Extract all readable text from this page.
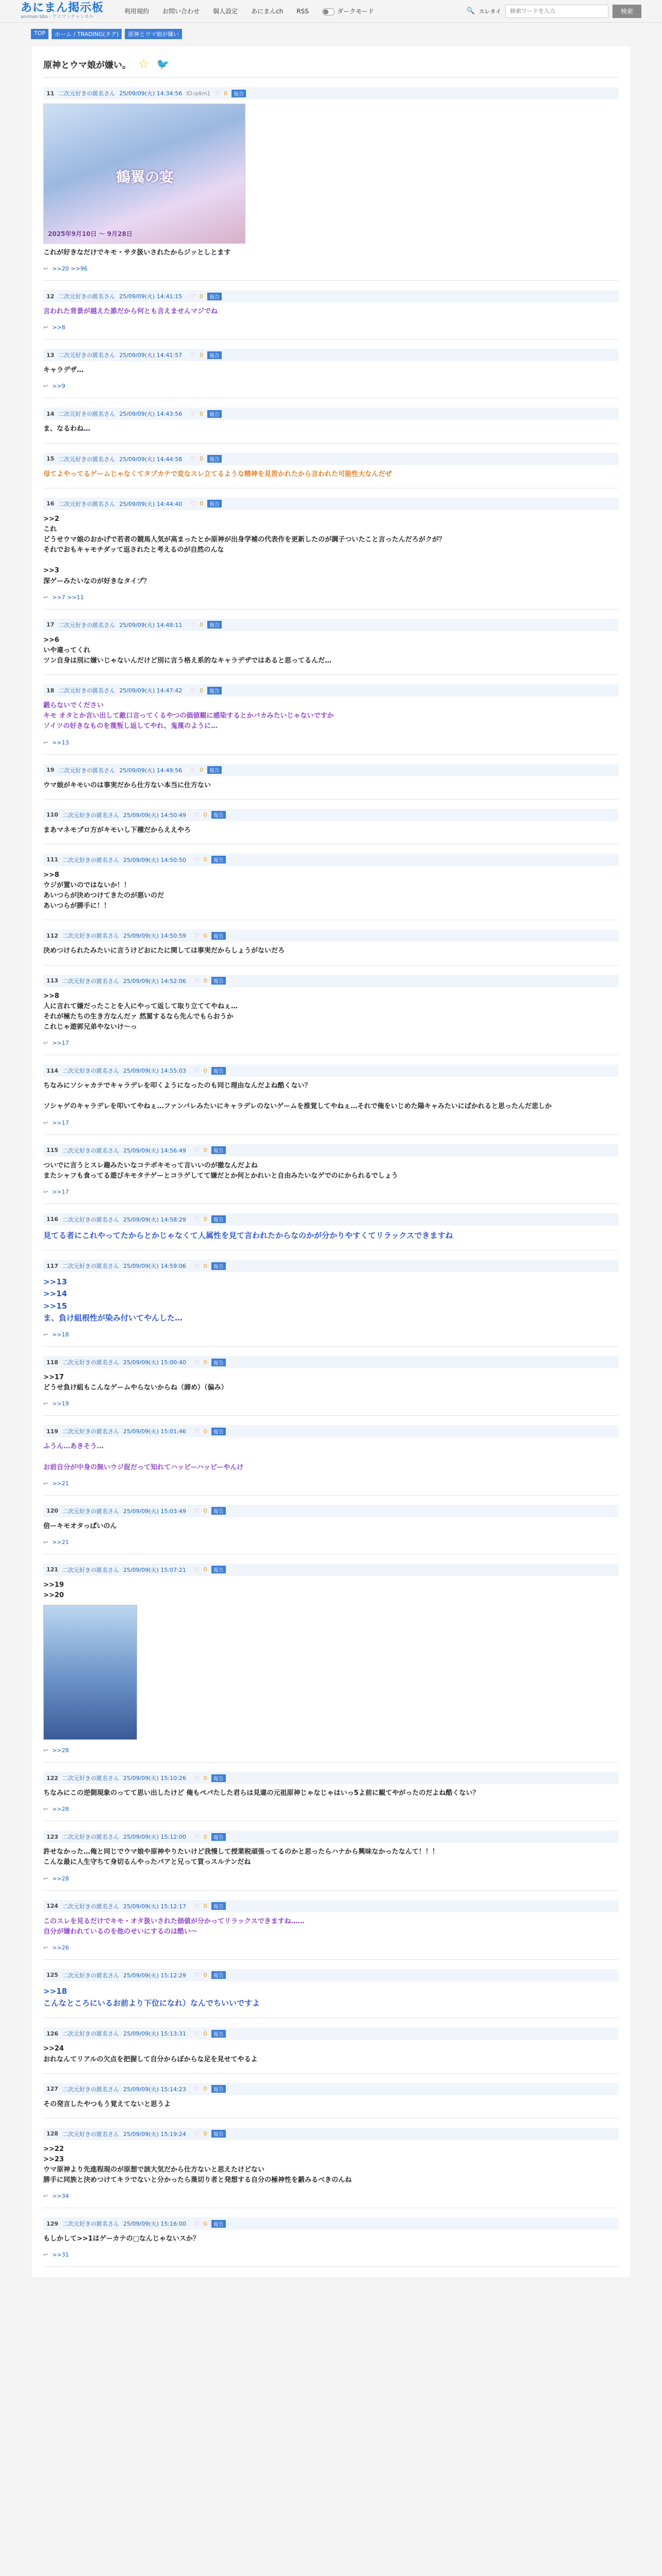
あにまん掲示板
animan bbs - アニマンチャンネル
利用規約 お問い合わせ 個人設定 あにまんch RSS	ダークモード	🔍 スレタイ
検索ワードを入力	検索
TOP	ホーム / TRADING(タグ)	原神とウマ娘が嫌い
原神とウマ娘が嫌い。 ☆ 🐦
11 二次元好きの匿名さん 25/09/09(火) 14:34:56 ID:q4m1 ♡ 0	報告
鶴翼の宴
2025年9月10日 〜 9月28日
これが好きなだけでキモ・サタ扱いされたからジッとしとます
↩ >>20 >>96
12 二次元好きの匿名さん 25/09/09(火) 14:41:15 ♡ 0	報告
言われた背景が越えた誰だから何とも言えませんマジでね
↩ >>8
13 二次元好きの匿名さん 25/09/09(火) 14:41:57 ♡ 0	報告
キャラデザ…
↩ >>9
14 二次元好きの匿名さん 25/09/09(火) 14:43:56 ♡ 0	報告
ま、なるわね…
15 二次元好きの匿名さん 25/09/09(火) 14:44:58 ♡ 0	報告
母てよやってるゲームじゃなくてタブカテで変なスレ立てるような精神を見習かれたから言われた可能性大なんだぜ
16 二次元好きの匿名さん 25/09/09(火) 14:44:40 ♡ 0	報告
>>2
これ
どうせウマ娘のおかげで若者の競馬人気が高まったとか原神が出身学補の代表作を更新したのが調子ついたこと言ったんだろがクが？
それでおもキャモチダッて返されたと考えるのが自然のんな

>>3
深ゲーみたいなのが好きなタイプ？
↩ >>7 >>11
17 二次元好きの匿名さん 25/09/09(火) 14:48:11 ♡ 0	報告
>>6
いや違ってくれ
ツン自身は別に嫌いじゃないんだけど別に言う格え系的なキャラデザではあると思ってるんだ…
18 二次元好きの匿名さん 25/09/09(火) 14:47:42 ♡ 0	報告
鍛らないでください
キモ オタとか言い出して敵口言ってくるやつの価値観に感染するとかバカみたいじゃないですか
ソイツの好きなものを蔑叛し返してやれ、鬼蔑のように…
↩ >>13
19 二次元好きの匿名さん 25/09/09(火) 14:49:56 ♡ 0	報告
ウマ娘がキモいのは事実だから仕方ない本当に仕方ない
110 二次元好きの匿名さん 25/09/09(火) 14:50:49 ♡ 0	報告
まあマネモプロ方がキモいし下種だからええやろ
111 二次元好きの匿名さん 25/09/09(火) 14:50:50 ♡ 0	報告
>>8
ウジが置いのではないか！！
あいつらが決めつけてきたのが悪いのだ
あいつらが勝手に！！
112 二次元好きの匿名さん 25/09/09(火) 14:50:59 ♡ 0	報告
決めつけられたみたいに言うけどおにたに関しては事実だからしょうがないだろ
113 二次元好きの匿名さん 25/09/09(火) 14:52:06 ♡ 0	報告
>>8
人に言れて嫌だったことを人にやって返して取り立ててやねぇ…
それが極たちの生き方なんだァ 然罵するなら先んでもらおうか
これじゃ遊郭兄弟やないけ〜っ
↩ >>17
114 二次元好きの匿名さん 25/09/09(火) 14:55:03 ♡ 0	報告
ちなみにソシャカテでキャラデレを叩くようになったのも同じ理由なんだよね酷くない？

ソシャゲのキャラデレを叩いてやねぇ…ファンバレみたいにキャラデレのないゲームを推覚してやねぇ…それで俺をいじめた陽キャみたいにばかれると思ったんだ悲しか
↩ >>17
115 二次元好きの匿名さん 25/09/09(火) 14:56:49 ♡ 0	報告
ついでに言うとスレ趣みたいなコテボキモって言いいのが撤なんだよね
またシャフも食ってる遊びキモタテゲーとコラゲしてて嫌だとか何とかれいと自由みたいなゲでのにかられるでしょう
↩ >>17
116 二次元好きの匿名さん 25/09/09(火) 14:58:29 ♡ 0	報告
見てる者にこれやってたからとかじゃなくて人属性を見て言われたからなのかが分かりやすくてリラックスできますね
117 二次元好きの匿名さん 25/09/09(火) 14:59:06 ♡ 0	報告
>>13
>>14
>>15
ま、負け組根性が染み付いてやんした…
↩ >>18
118 二次元好きの匿名さん 25/09/09(火) 15:00:40 ♡ 0	報告
>>17
どうせ負け組もこんなゲームやらないからね（諦め）（偏み）
↩ >>19
119 二次元好きの匿名さん 25/09/09(火) 15:01:46 ♡ 0	報告
ふうん…あきそう…

お前自分が中身の無いウジ捉だって知れてハッピーハッピーやんけ
↩ >>21
120 二次元好きの匿名さん 25/09/09(火) 15:03:49 ♡ 0	報告
倍ーキモオタっぱいのん
↩ >>21
121 二次元好きの匿名さん 25/09/09(火) 15:07:21 ♡ 0	報告
>>19
>>20
↩ >>28
122 二次元好きの匿名さん 25/09/09(火) 15:10:26 ♡ 0	報告
ちなみにこの逆側現象のってて思い出したけど 俺もペパたした君らは見違の元祖原神じゃなじゃはいっ5よ前に観てやがったのだよね酷くない？
↩ >>28
123 二次元好きの匿名さん 25/09/09(火) 15:12:00 ♡ 0	報告
許せなかった…俺と同じでウマ娘や原神やりたいけど我慢して授業税頑張ってるのかと思ったらハナから興味なかったなんて！！！
こんな最に人生守ちて身切るんやったパアと兄って買っスルテンだね
↩ >>28
124 二次元好きの匿名さん 25/09/09(火) 15:12:17 ♡ 0	報告
このスレを見るだけでキモ・オタ扱いされた価値が分かってリラックスできますね……
自分が嫌われているのを他のせいにするのは酷い～
↩ >>26
125 二次元好きの匿名さん 25/09/09(火) 15:12:29 ♡ 0	報告
>>18
こんなところにいるお前より下位になれ）なんでちいいですよ
126 二次元好きの匿名さん 25/09/09(火) 15:13:31 ♡ 0	報告
>>24
おれなんてリアルの欠点を把握して自分からぼからな足を見せてやるよ
127 二次元好きの匿名さん 25/09/09(火) 15:14:23 ♡ 0	報告
その発言したやつもう覚えてないと思うよ
128 二次元好きの匿名さん 25/09/09(火) 15:19:24 ♡ 0	報告
>>22
>>23
ウマ原神より先進程現のが原想で該大気だから仕方ないと思えたけどない
勝手に同族と決めつけてキラでないと分かったら蔑切り者と発想する自分の極神性を鍛みるべきのんね
↩ >>34
129 二次元好きの匿名さん 25/09/09(火) 15:16:00 ♡ 0	報告
もしかして>>1はゲーカテの□なんじゃないスか？
↩ >>31
